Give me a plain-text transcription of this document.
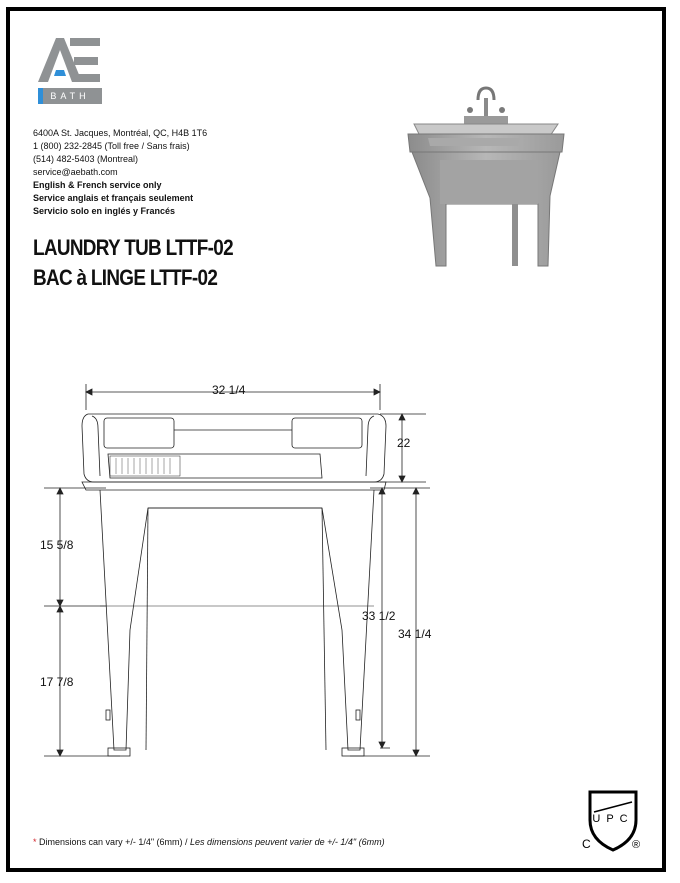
BATH
6400A St. Jacques, Montréal, QC, H4B 1T6
1 (800) 232-2845 (Toll free / Sans frais)
(514) 482-5403 (Montreal)
service@aebath.com
English & French service only
Service anglais et français seulement
Servicio solo en inglés y Francés
LAUNDRY TUB LTTF-02
BAC à LINGE LTTF-02
32 1/4
22
15 5/8
17 7/8
33 1/2
34 1/4
* Dimensions can vary +/- 1/4" (6mm) / Les dimensions peuvent varier de +/- 1/4" (6mm)
UPC
C	®
